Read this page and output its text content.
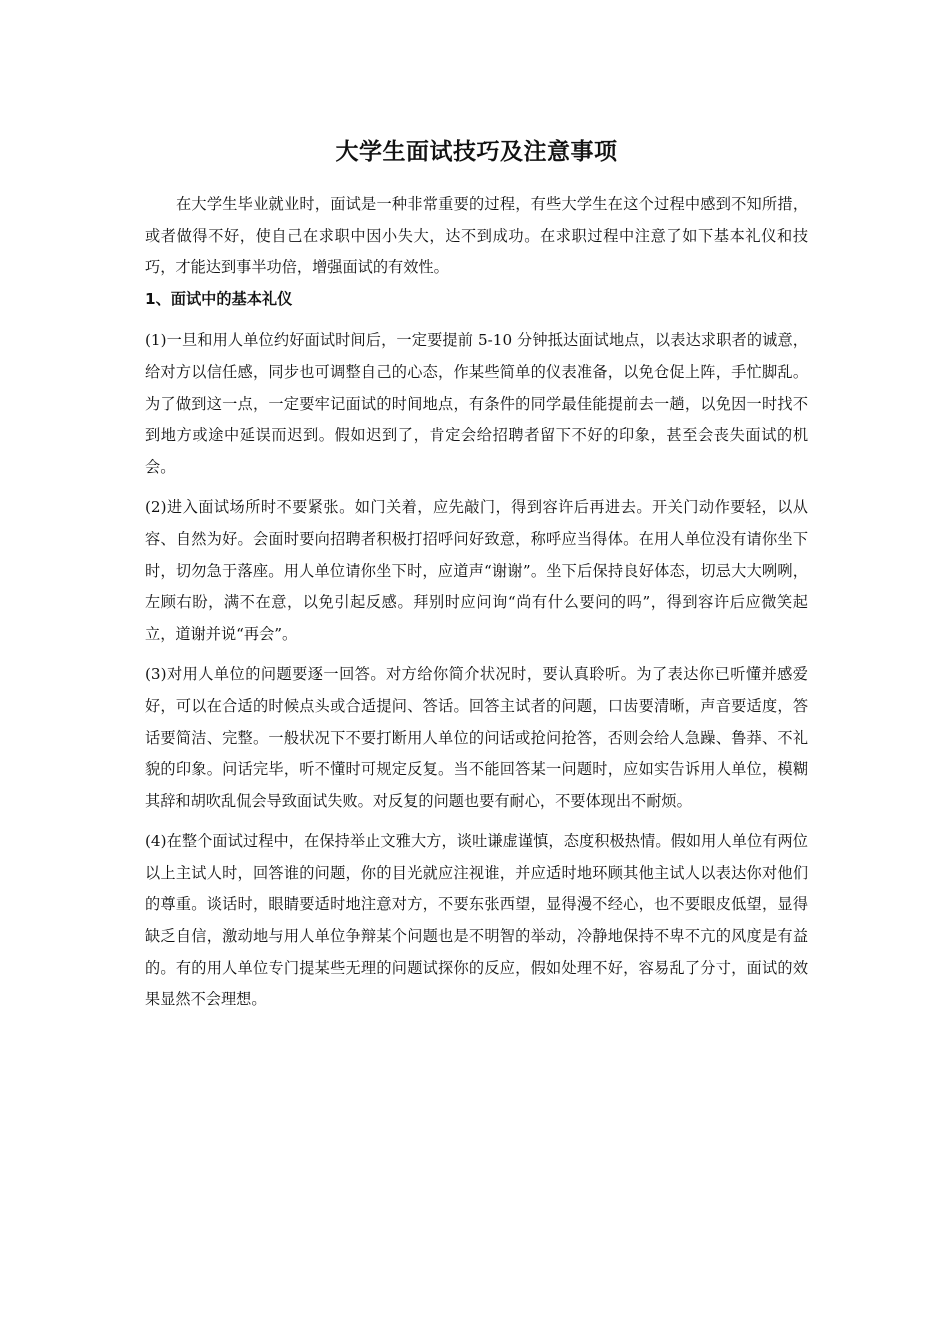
大学生面试技巧及注意事项

在大学生毕业就业时，面试是一种非常重要的过程，有些大学生在这个过程中感到不知所措，或者做得不好，使自己在求职中因小失大，达不到成功。在求职过程中注意了如下基本礼仪和技巧，才能达到事半功倍，增强面试的有效性。

1、面试中的基本礼仪

(1)一旦和用人单位约好面试时间后，一定要提前 5-10 分钟抵达面试地点，以表达求职者的诚意，给对方以信任感，同步也可调整自己的心态，作某些简单的仪表准备，以免仓促上阵，手忙脚乱。为了做到这一点，一定要牢记面试的时间地点，有条件的同学最佳能提前去一趟，以免因一时找不到地方或途中延误而迟到。假如迟到了，肯定会给招聘者留下不好的印象，甚至会丧失面试的机会。

(2)进入面试场所时不要紧张。如门关着，应先敲门，得到容许后再进去。开关门动作要轻，以从容、自然为好。会面时要向招聘者积极打招呼问好致意，称呼应当得体。在用人单位没有请你坐下时，切勿急于落座。用人单位请你坐下时，应道声“谢谢”。坐下后保持良好体态，切忌大大咧咧，左顾右盼，满不在意，以免引起反感。拜别时应问询“尚有什么要问的吗”，得到容许后应微笑起立，道谢并说“再会”。

(3)对用人单位的问题要逐一回答。对方给你简介状况时，要认真聆听。为了表达你已听懂并感爱好，可以在合适的时候点头或合适提问、答话。回答主试者的问题，口齿要清晰，声音要适度，答话要简洁、完整。一般状况下不要打断用人单位的问话或抢问抢答，否则会给人急躁、鲁莽、不礼貌的印象。问话完毕，听不懂时可规定反复。当不能回答某一问题时，应如实告诉用人单位，模糊其辞和胡吹乱侃会导致面试失败。对反复的问题也要有耐心，不要体现出不耐烦。

(4)在整个面试过程中，在保持举止文雅大方，谈吐谦虚谨慎，态度积极热情。假如用人单位有两位以上主试人时，回答谁的问题，你的目光就应注视谁，并应适时地环顾其他主试人以表达你对他们的尊重。谈话时，眼睛要适时地注意对方，不要东张西望，显得漫不经心，也不要眼皮低望，显得缺乏自信，激动地与用人单位争辩某个问题也是不明智的举动，冷静地保持不卑不亢的风度是有益的。有的用人单位专门提某些无理的问题试探你的反应，假如处理不好，容易乱了分寸，面试的效果显然不会理想。
